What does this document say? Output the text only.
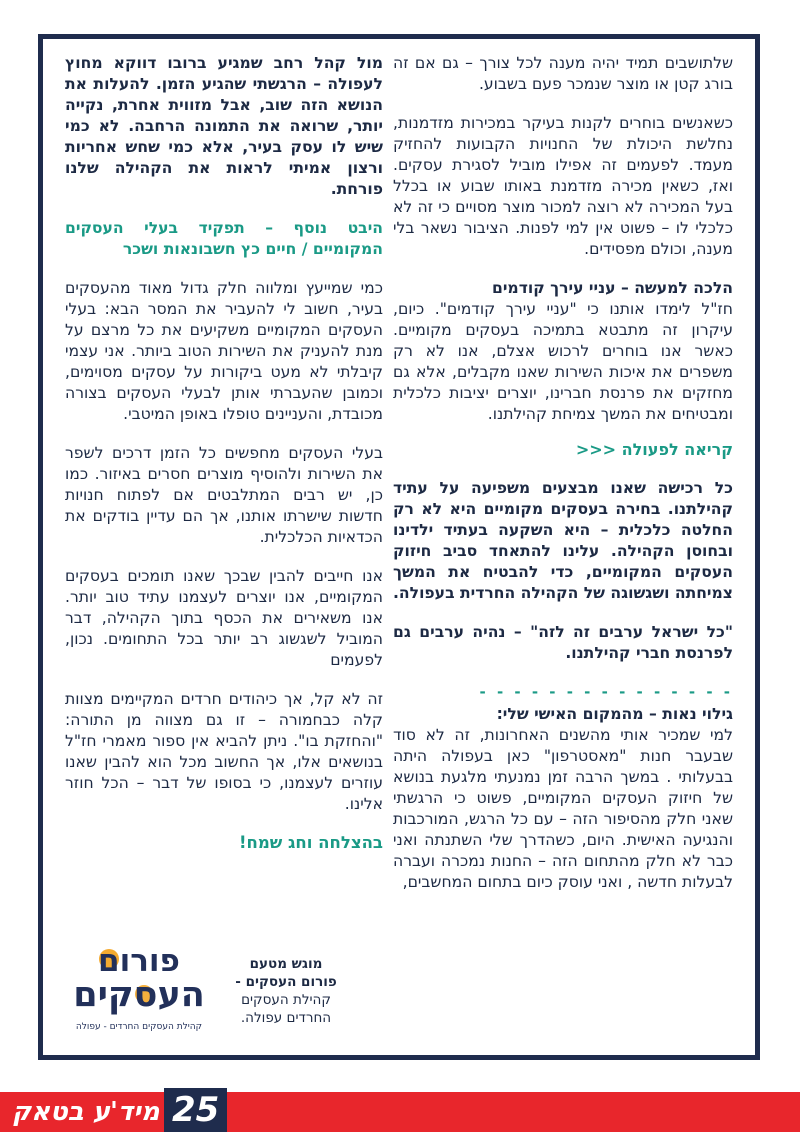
שלתושבים תמיד יהיה מענה לכל צורך – גם אם זה בורג קטן או מוצר שנמכר פעם בשבוע.

כשאנשים בוחרים לקנות בעיקר במכירות מזדמנות, נחלשת היכולת של החנויות הקבועות להחזיק מעמד. לפעמים זה אפילו מוביל לסגירת עסקים. ואז, כשאין מכירה מזדמנת באותו שבוע או בכלל בעל המכירה לא רוצה למכור מוצר מסויים כי זה לא כלכלי לו – פשוט אין למי לפנות. הציבור נשאר בלי מענה, וכולם מפסידים.

הלכה למעשה – עניי עירך קודמים
חז"ל לימדו אותנו כי "עניי עירך קודמים". כיום, עיקרון זה מתבטא בתמיכה בעסקים מקומיים. כאשר אנו בוחרים לרכוש אצלם, אנו לא רק משפרים את איכות השירות שאנו מקבלים, אלא גם מחזקים את פרנסת חברינו, יוצרים יציבות כלכלית ומבטיחים את המשך צמיחת קהילתנו.

קריאה לפעולה <<<

כל רכישה שאנו מבצעים משפיעה על עתיד קהילתנו. בחירה בעסקים מקומיים היא לא רק החלטה כלכלית – היא השקעה בעתיד ילדינו ובחוסן הקהילה. עלינו להתאחד סביב חיזוק העסקים המקומיים, כדי להבטיח את המשך צמיחתה ושגשוגה של הקהילה החרדית בעפולה.

"כל ישראל ערבים זה לזה" – נהיה ערבים גם לפרנסת חברי קהילתנו.

- - - - - - - - - - - - - - -

גילוי נאות – מהמקום האישי שלי:
למי שמכיר אותי מהשנים האחרונות, זה לא סוד שבעבר חנות "מאסטרפון" כאן בעפולה היתה בבעלותי . במשך הרבה זמן נמנעתי מלגעת בנושא של חיזוק העסקים המקומיים, פשוט כי הרגשתי שאני חלק מהסיפור הזה – עם כל הרגש, המורכבות והנגיעה האישית. היום, כשהדרך שלי השתנתה ואני כבר לא חלק מהתחום הזה – החנות נמכרה ועברה לבעלות חדשה , ואני עוסק כיום בתחום המחשבים,

מול קהל רחב שמגיע ברובו דווקא מחוץ לעפולה – הרגשתי שהגיע הזמן. להעלות את הנושא הזה שוב, אבל מזווית אחרת, נקייה יותר, שרואה את התמונה הרחבה. לא כמי שיש לו עסק בעיר, אלא כמי שחש אחריות ורצון אמיתי לראות את הקהילה שלנו פורחת.

היבט נוסף – תפקיד בעלי העסקים המקומיים / חיים כץ חשבונאות ושכר

כמי שמייעץ ומלווה חלק גדול מאוד מהעסקים בעיר, חשוב לי להעביר את המסר הבא: בעלי העסקים המקומיים משקיעים את כל מרצם על מנת להעניק את השירות הטוב ביותר. אני עצמי קיבלתי לא מעט ביקורות על עסקים מסוימים, וכמובן שהעברתי אותן לבעלי העסקים בצורה מכובדת, והעניינים טופלו באופן המיטבי.

בעלי העסקים מחפשים כל הזמן דרכים לשפר את השירות ולהוסיף מוצרים חסרים באיזור. כמו כן, יש רבים המתלבטים אם לפתוח חנויות חדשות שישרתו אותנו, אך הם עדיין בודקים את הכדאיות הכלכלית.

אנו חייבים להבין שבכך שאנו תומכים בעסקים המקומיים, אנו יוצרים לעצמנו עתיד טוב יותר. אנו משאירים את הכסף בתוך הקהילה, דבר המוביל לשגשוג רב יותר בכל התחומים. נכון, לפעמים

זה לא קל, אך כיהודים חרדים המקיימים מצוות קלה כבחמורה – זו גם מצווה מן התורה: "והחזקת בו". ניתן להביא אין ספור מאמרי חז"ל בנושאים אלו, אך החשוב מכל הוא להבין שאנו עוזרים לעצמנו, כי בסופו של דבר – הכל חוזר אלינו.

בהצלחה וחג שמח!
פורום
העסקים
קהילת העסקים החרדים - עפולה
מוגש מטעם
פורום העסקים -
קהילת העסקים
החרדים עפולה.
25
מיד'ע בטאק
